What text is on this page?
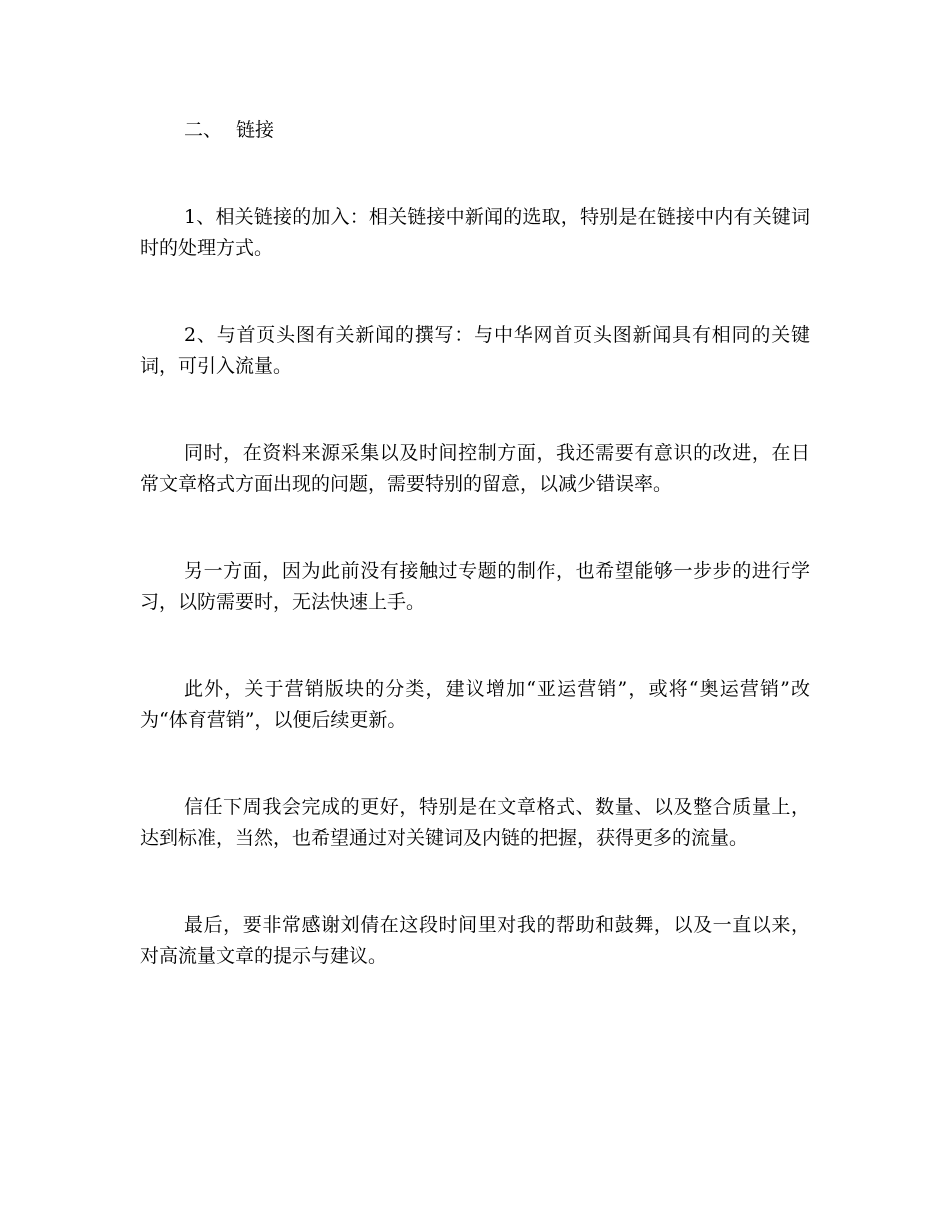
二、 链接

1、相关链接的加入：相关链接中新闻的选取，特别是在链接中内有关键词时的处理方式。

2、与首页头图有关新闻的撰写：与中华网首页头图新闻具有相同的关键词，可引入流量。

同时，在资料来源采集以及时间控制方面，我还需要有意识的改进，在日常文章格式方面出现的问题，需要特别的留意，以减少错误率。

另一方面，因为此前没有接触过专题的制作，也希望能够一步步的进行学习，以防需要时，无法快速上手。

此外，关于营销版块的分类，建议增加“亚运营销”，或将“奥运营销”改为“体育营销”，以便后续更新。

信任下周我会完成的更好，特别是在文章格式、数量、以及整合质量上，达到标准，当然，也希望通过对关键词及内链的把握，获得更多的流量。

最后，要非常感谢刘倩在这段时间里对我的帮助和鼓舞，以及一直以来，对高流量文章的提示与建议。
